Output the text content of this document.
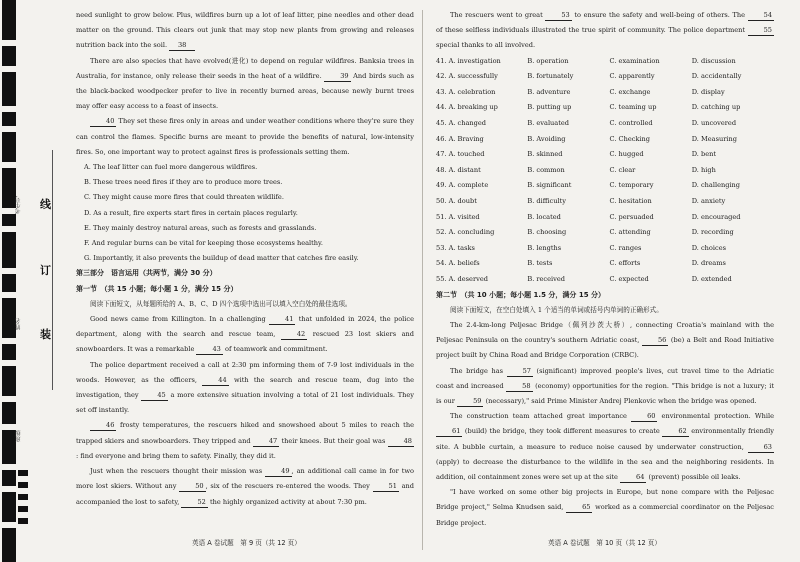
考生号
姓名
班级
线
订
装

need sunlight to grow below. Plus, wildfires burn up a lot of leaf litter, pine needles and other dead matter on the ground. This clears out junk that may stop new plants from growing and releases nutrition back into the soil. 38

There are also species that have evolved(进化) to depend on regular wildfires. Banksia trees in Australia, for instance, only release their seeds in the heat of a wildfire.	39 And birds such as the black-backed woodpecker prefer to live in recently burned areas, because newly burnt trees may offer easy access to a feast of insects.

40 They set these fires only in areas and under weather conditions where they're sure they can control the flames. Specific burns are meant to provide the benefits of natural, low-intensity fires. So, one important way to protect against fires is professionals setting them.

A. The leaf litter can fuel more dangerous wildfires.

B. These trees need fires if they are to produce more trees.

C. They might cause more fires that could threaten wildlife.

D. As a result, fire experts start fires in certain places regularly.

E. They mainly destroy natural areas, such as forests and grasslands.

F. And regular burns can be vital for keeping those ecosystems healthy.

G. Importantly, it also prevents the buildup of dead matter that catches fire easily.

第三部分　语言运用（共两节，满分 30 分）

第一节　（共 15 小题；每小题 1 分，满分 15 分）

阅读下面短文，从每题所给的 A、B、C、D 四个选项中选出可以填入空白处的最佳选项。

Good news came from Killington. In a challenging	41 that unfolded in 2024, the police department, along with the search and rescue team,	42 rescued 23 lost skiers and snowboarders. It was a remarkable	43 of teamwork and commitment.

The police department received a call at 2:30 pm informing them of 7-9 lost individuals in the woods. However, as the officers,	44 with the search and rescue team, dug into the investigation, they	45 a more extensive situation involving a total of 21 lost individuals. They set off instantly.

46 frosty temperatures, the rescuers hiked and snowshoed about 5 miles to reach the trapped skiers and snowboarders. They tripped and	47 their knees. But their goal was	48: find everyone and bring them to safety. Finally, they did it.

Just when the rescuers thought their mission was	49 , an additional call came in for two more lost skiers. Without any	50 , six of the rescuers re-entered the woods. They	51 and accompanied the lost to safety,	52 the highly organized activity at about 7:30 pm.

英语 A 卷试题　第 9 页（共 12 页）

The rescuers went to great	53 to ensure the safety and well-being of others. The	54 of these selfless individuals illustrated the true spirit of community. The police department	55 special thanks to all involved.

41. A. investigation	B. operation	C. examination	D. discussion
42. A. successfully	B. fortunately	C. apparently	D. accidentally
43. A. celebration	B. adventure	C. exchange	D. display
44. A. breaking up	B. putting up	C. teaming up	D. catching up
45. A. changed	B. evaluated	C. controlled	D. uncovered
46. A. Braving	B. Avoiding	C. Checking	D. Measuring
47. A. touched	B. skinned	C. hugged	D. bent
48. A. distant	B. common	C. clear	D. high
49. A. complete	B. significant	C. temporary	D. challenging
50. A. doubt	B. difficulty	C. hesitation	D. anxiety
51. A. visited	B. located	C. persuaded	D. encouraged
52. A. concluding	B. choosing	C. attending	D. recording
53. A. tasks	B. lengths	C. ranges	D. choices
54. A. beliefs	B. tests	C. efforts	D. dreams
55. A. deserved	B. received	C. expected	D. extended

第二节　（共 10 小题；每小题 1.5 分，满分 15 分）

阅读下面短文，在空白处填入 1 个适当的单词或括号内单词的正确形式。

The 2.4-km-long Peljesac Bridge（佩列沙茨大桥）, connecting Croatia's mainland with the Peljesac Peninsula on the country's southern Adriatic coast,	56 (be) a Belt and Road Initiative project built by China Road and Bridge Corporation (CRBC).

The bridge has	57 (significant) improved people's lives, cut travel time to the Adriatic coast and increased	58 (economy) opportunities for the region. "This bridge is not a luxury; it is our	59 (necessary)," said Prime Minister Andrej Plenkovic when the bridge was opened.

The construction team attached great importance	60 environmental protection. While 61 (build) the bridge, they took different measures to create	62 environmentally friendly site. A bubble curtain, a measure to reduce noise caused by underwater construction,	63 (apply) to decrease the disturbance to the wildlife in the sea and the neighboring residents. In addition, oil containment zones were set up at the site	64 (prevent) possible oil leaks.

"I have worked on some other big projects in Europe, but none compare with the Peljesac Bridge project," Selma Knudsen said,	65 worked as a commercial coordinator on the Peljesac Bridge project.

英语 A 卷试题　第 10 页（共 12 页）
